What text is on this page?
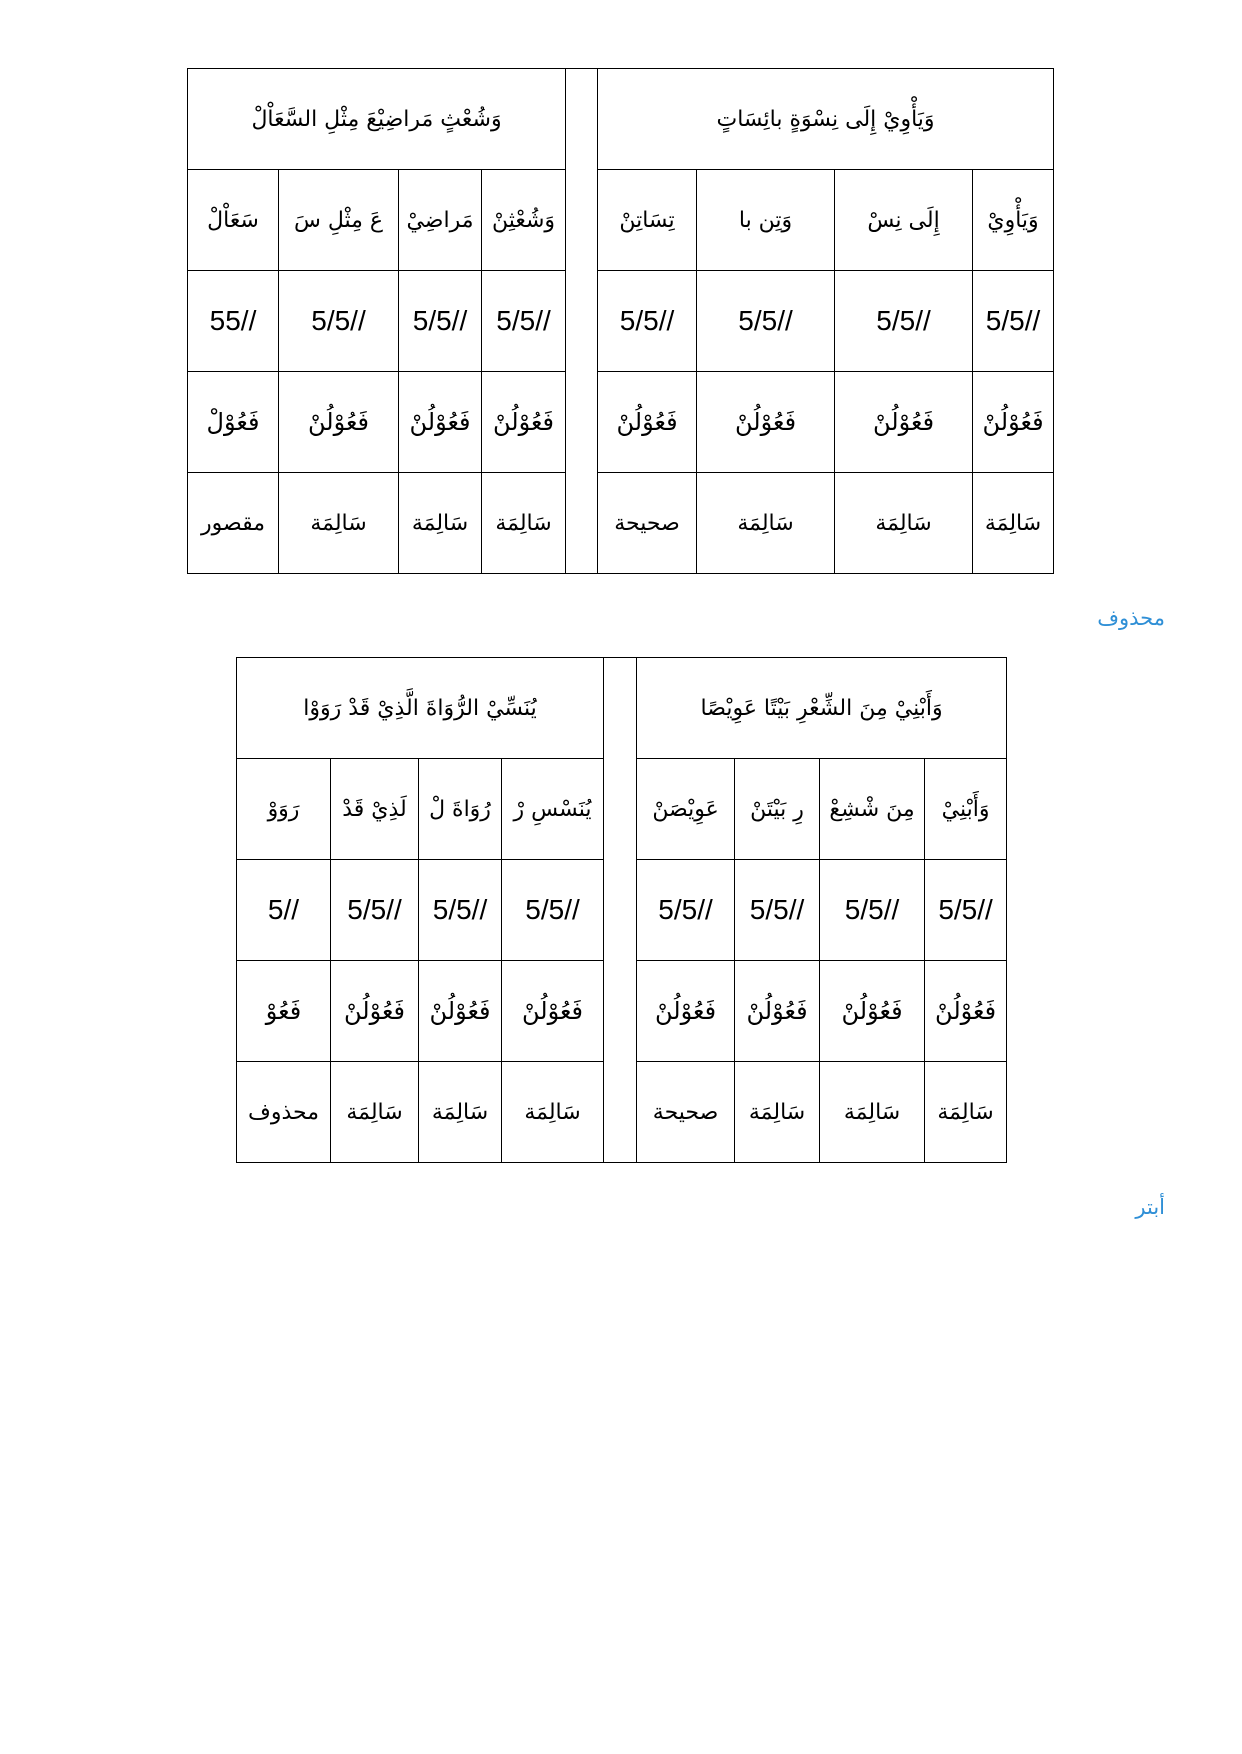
وَشُعْثٍ مَراضِيْعَ مِثْلِ السَّعَاْلْ					وَيَأْوِيْ إِلَى نِسْوَةٍ بائِسَاتٍ			
سَعَاْلْ	عَ مِثْلِ سَ	مَراضِيْ	وَشُعْثِنْ		تِسَاتِنْ	وَتِن با	إِلَى نِسْ	وَيَأْوِيْ
55//	5/5//	5/5//	5/5//		5/5//	5/5//	5/5//	5/5//
فَعُوْلْ	فَعُوْلُنْ	فَعُوْلُنْ	فَعُوْلُنْ		فَعُوْلُنْ	فَعُوْلُنْ	فَعُوْلُنْ	فَعُوْلُنْ
مقصور	سَالِمَة	سَالِمَة	سَالِمَة		صحيحة	سَالِمَة	سَالِمَة	سَالِمَة
محذوف
يُنَسِّيْ الرُّوَاةَ الَّذِيْ قَدْ رَوَوْا					وَأَبْنِيْ مِنَ الشِّعْرِ بَيْتًا عَوِيْصًا			
رَوَوْ	لَذِيْ قَدْ	رُوَاةَ لْ	يُنَسْسِ رْ		عَوِيْصَنْ	رِ بَيْتَنْ	مِنَ شْشِعْ	وَأَبْنِيْ
5//	5/5//	5/5//	5/5//		5/5//	5/5//	5/5//	5/5//
فَعُوْ	فَعُوْلُنْ	فَعُوْلُنْ	فَعُوْلُنْ		فَعُوْلُنْ	فَعُوْلُنْ	فَعُوْلُنْ	فَعُوْلُنْ
محذوف	سَالِمَة	سَالِمَة	سَالِمَة		صحيحة	سَالِمَة	سَالِمَة	سَالِمَة
أبتر
